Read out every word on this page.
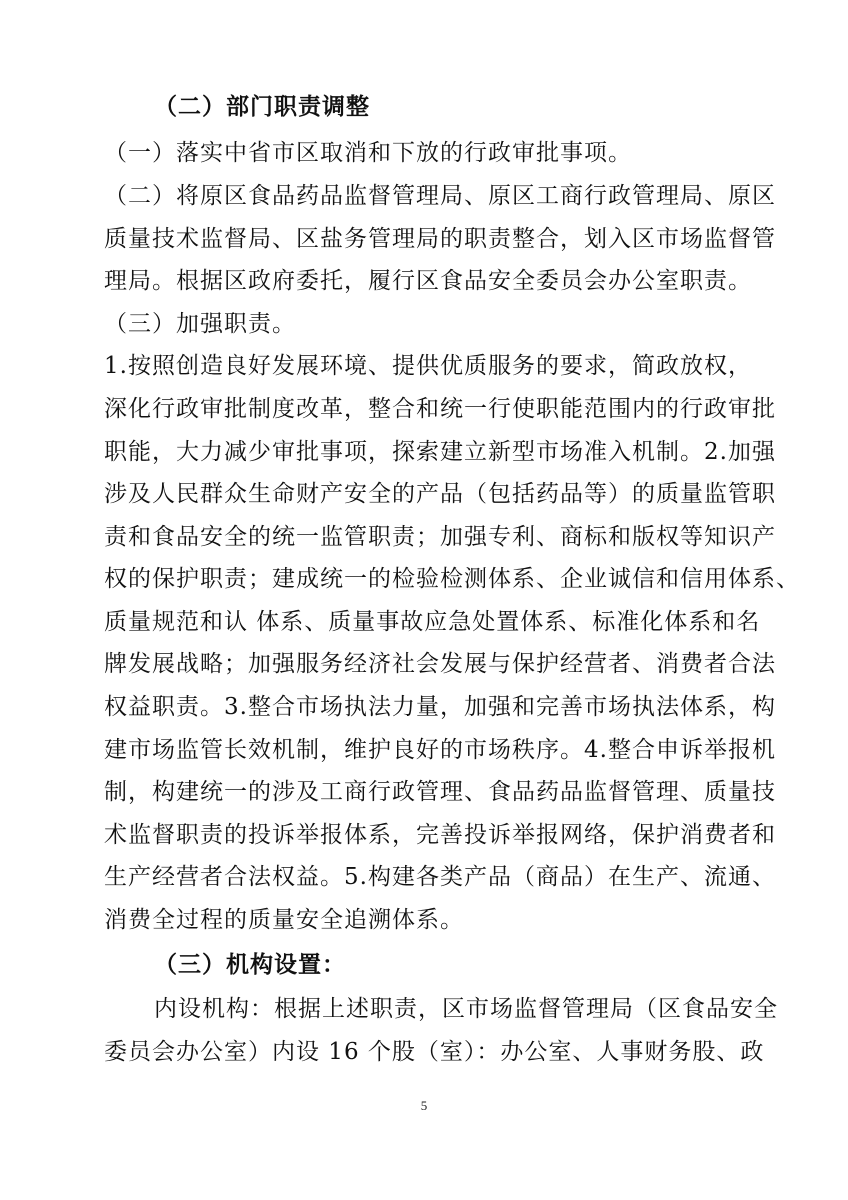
（二）部门职责调整
（一）落实中省市区取消和下放的行政审批事项。
（二）将原区食品药品监督管理局、原区工商行政管理局、原区
质量技术监督局、区盐务管理局的职责整合，划入区市场监督管
理局。根据区政府委托，履行区食品安全委员会办公室职责。
（三）加强职责。
1.按照创造良好发展环境、提供优质服务的要求，简政放权，
深化行政审批制度改革，整合和统一行使职能范围内的行政审批
职能，大力减少审批事项，探索建立新型市场准入机制。2.加强
涉及人民群众生命财产安全的产品（包括药品等）的质量监管职
责和食品安全的统一监管职责；加强专利、商标和版权等知识产
权的保护职责；建成统一的检验检测体系、企业诚信和信用体系、
质量规范和认 体系、质量事故应急处置体系、标准化体系和名
牌发展战略；加强服务经济社会发展与保护经营者、消费者合法
权益职责。3.整合市场执法力量，加强和完善市场执法体系，构
建市场监管长效机制，维护良好的市场秩序。4.整合申诉举报机
制，构建统一的涉及工商行政管理、食品药品监督管理、质量技
术监督职责的投诉举报体系，完善投诉举报网络，保护消费者和
生产经营者合法权益。5.构建各类产品（商品）在生产、流通、
消费全过程的质量安全追溯体系。
（三）机构设置：
内设机构：根据上述职责，区市场监督管理局（区食品安全
委员会办公室）内设 16 个股（室）：办公室、人事财务股、政
5
